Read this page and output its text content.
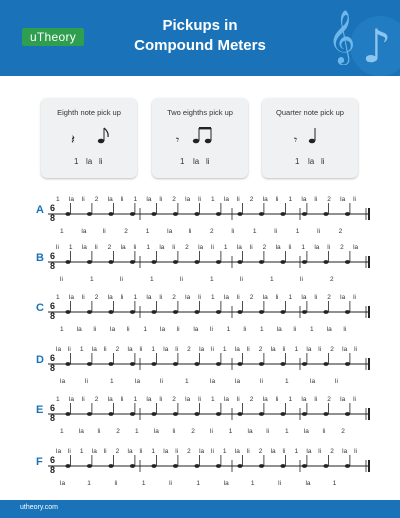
uTheory
Pickups in
Compound Meters	𝄞 ♪
Eighth note pick up
𝄽
1 la li
Two eighths pick up
𝄾
1 la li
Quarter note pick up
𝄾
1 la li
A 6
8
1 la li 2 la li 1 la li 2 la li 1 la li 2 la li 1 la li 2 la li
1	la	li	2	1	la	li	2	li	1	li	1	li	2
B 6
8
li 1 la li 2 la li 1 la li 2 la li 1 la li 2 la li 1 la li 2 la
li	1	li	1	li	1	li	1	li	2
C 6
8
1 la li 2 la li 1 la li 2 la li 1 la li 2 la li 1 la li 2 la li
1 la li la li 1 la li la li 1 li 1 la li 1 la li
D 6
8
la li 1 la li 2 la li 1 la li 2 la li 1 la li 2 la li 1 la li 2 la li
la	li	1	la	li	1	la	la	li	1	la	li
E 6
8
1 la li 2 la li 1 la li 2 la li 1 la li 2 la li 1 la li 2 la li
1 la li 2 1 la li 2 li 1 la li 1 la li 2
F 6
8
la li 1 la li 2 la li 1 la li 2 la li 1 la li 2 la li 1 la li 2 la li
la	1	li	1	li	1	la	1	li	la	1
utheory.com
